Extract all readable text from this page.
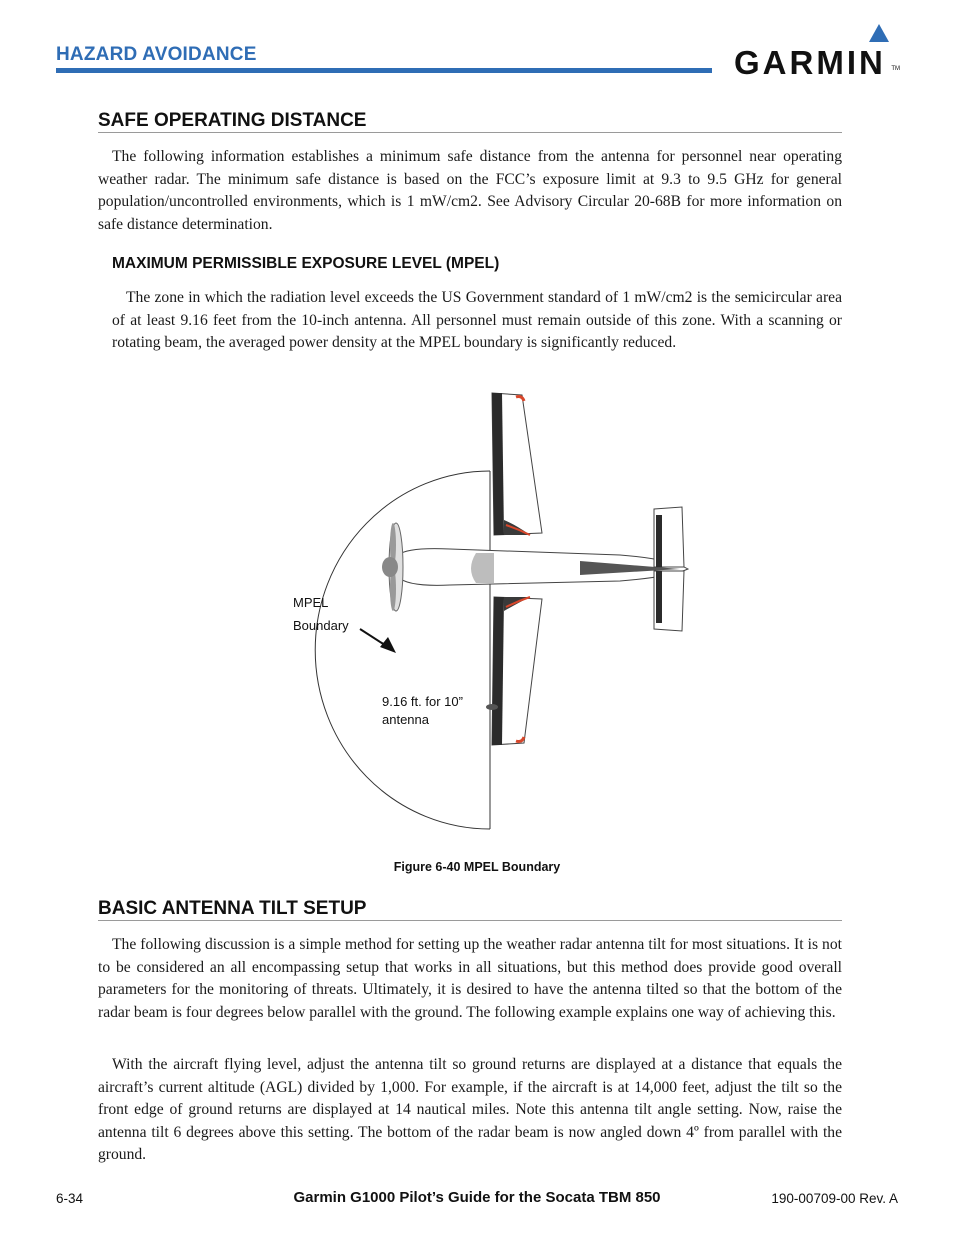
HAZARD AVOIDANCE	GARMIN TM
SAFE OPERATING DISTANCE

The following information establishes a minimum safe distance from the antenna for personnel near operating weather radar. The minimum safe distance is based on the FCC’s exposure limit at 9.3 to 9.5 GHz for general population/uncontrolled environments, which is 1 mW/cm2. See Advisory Circular 20-68B for more information on safe distance determination.

MAXIMUM PERMISSIBLE EXPOSURE LEVEL (MPEL)

The zone in which the radiation level exceeds the US Government standard of 1 mW/cm2 is the semicircular area of at least 9.16 feet from the 10-inch antenna. All personnel must remain outside of this zone. With a scanning or rotating beam, the averaged power density at the MPEL boundary is significantly reduced.

MPEL
Boundary
9.16 ft. for 10”
antenna
Figure 6-40 MPEL Boundary
BASIC ANTENNA TILT SETUP

The following discussion is a simple method for setting up the weather radar antenna tilt for most situations. It is not to be considered an all encompassing setup that works in all situations, but this method does provide good overall parameters for the monitoring of threats. Ultimately, it is desired to have the antenna tilted so that the bottom of the radar beam is four degrees below parallel with the ground. The following example explains one way of achieving this.

With the aircraft flying level, adjust the antenna tilt so ground returns are displayed at a distance that equals the aircraft’s current altitude (AGL) divided by 1,000. For example, if the aircraft is at 14,000 feet, adjust the tilt so the front edge of ground returns are displayed at 14 nautical miles. Note this antenna tilt angle setting. Now, raise the antenna tilt 6 degrees above this setting. The bottom of the radar beam is now angled down 4º from parallel with the ground.

6-34	Garmin G1000 Pilot’s Guide for the Socata TBM 850	190-00709-00 Rev. A
